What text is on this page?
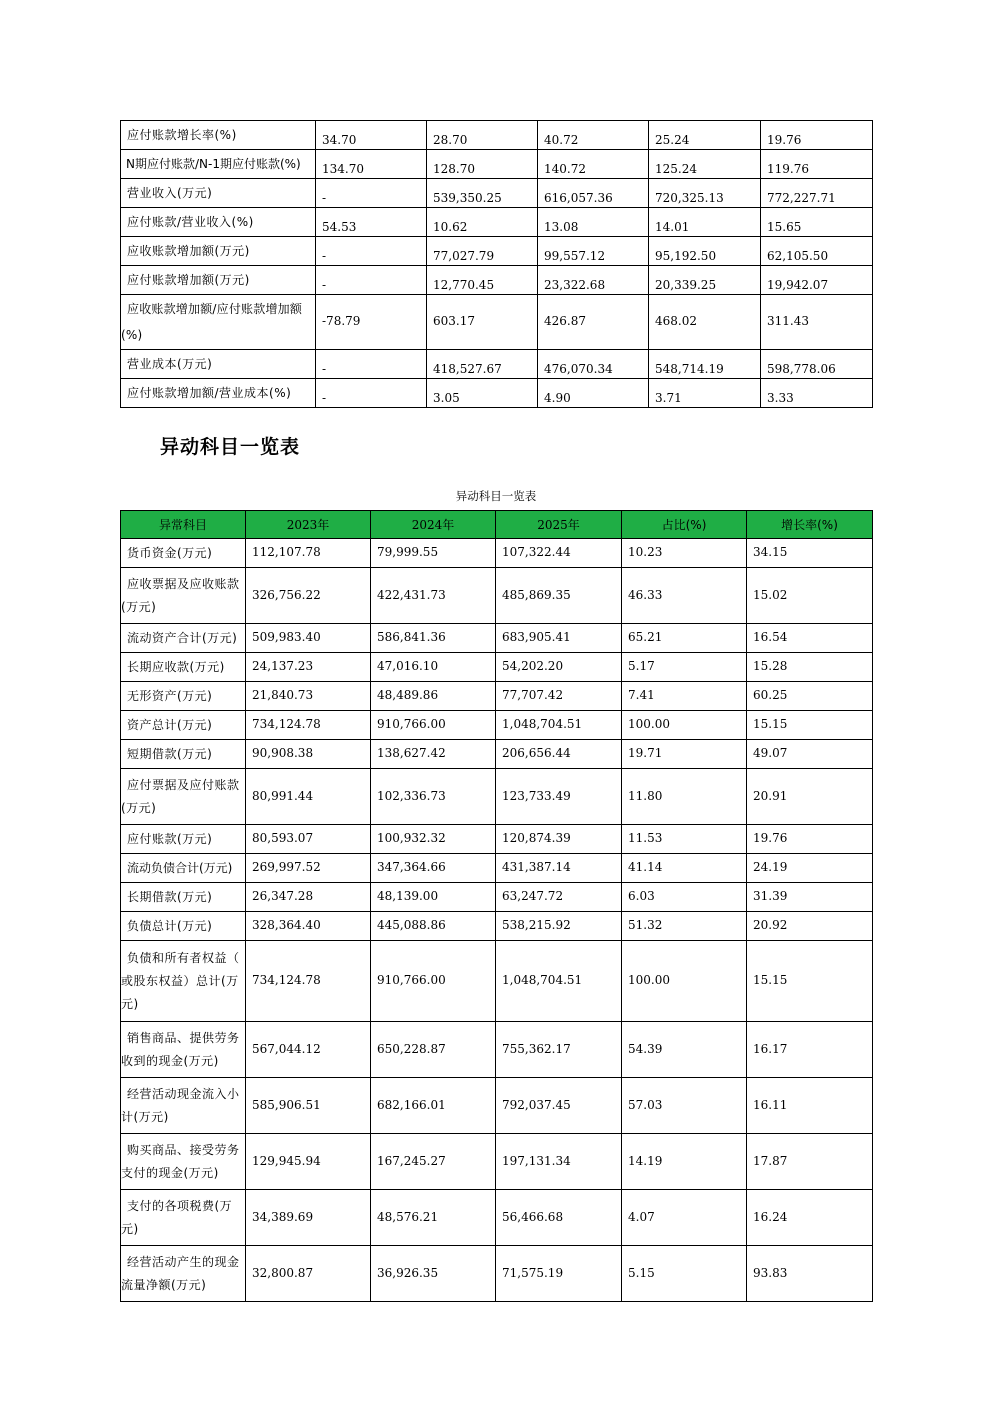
应付账款增长率(%)	34.70	28.70	40.72	25.24	19.76
N期应付账款/N-1期应付账款(%)	134.70	128.70	140.72	125.24	119.76
营业收入(万元)	-	539,350.25	616,057.36	720,325.13	772,227.71
应付账款/营业收入(%)	54.53	10.62	13.08	14.01	15.65
应收账款增加额(万元)	-	77,027.79	99,557.12	95,192.50	62,105.50
应付账款增加额(万元)	-	12,770.45	23,322.68	20,339.25	19,942.07

应收账款增加额/应付账款增加额
(%)	-78.79	603.17	426.87	468.02	311.43
营业成本(万元)	-	418,527.67	476,070.34	548,714.19	598,778.06
应付账款增加额/营业成本(%)	-	3.05	4.90	3.71	3.33
异动科目一览表
异动科目一览表
异常科目	2023年	2024年	2025年	占比(%)	增长率(%)
货币资金(万元)	112,107.78	79,999.55	107,322.44	10.23	34.15

应收票据及应收账款
(万元)	326,756.22	422,431.73	485,869.35	46.33	15.02
流动资产合计(万元)	509,983.40	586,841.36	683,905.41	65.21	16.54
长期应收款(万元)	24,137.23	47,016.10	54,202.20	5.17	15.28
无形资产(万元)	21,840.73	48,489.86	77,707.42	7.41	60.25
资产总计(万元)	734,124.78	910,766.00	1,048,704.51	100.00	15.15
短期借款(万元)	90,908.38	138,627.42	206,656.44	19.71	49.07

应付票据及应付账款
(万元)	80,991.44	102,336.73	123,733.49	11.80	20.91
应付账款(万元)	80,593.07	100,932.32	120,874.39	11.53	19.76
流动负债合计(万元)	269,997.52	347,364.66	431,387.14	41.14	24.19
长期借款(万元)	26,347.28	48,139.00	63,247.72	6.03	31.39
负债总计(万元)	328,364.40	445,088.86	538,215.92	51.32	20.92

负债和所有者权益（
或股东权益）总计(万
元)	734,124.78	910,766.00	1,048,704.51	100.00	15.15

销售商品、提供劳务
收到的现金(万元)	567,044.12	650,228.87	755,362.17	54.39	16.17

经营活动现金流入小
计(万元)	585,906.51	682,166.01	792,037.45	57.03	16.11

购买商品、接受劳务
支付的现金(万元)	129,945.94	167,245.27	197,131.34	14.19	17.87

支付的各项税费(万
元)	34,389.69	48,576.21	56,466.68	4.07	16.24

经营活动产生的现金
流量净额(万元)	32,800.87	36,926.35	71,575.19	5.15	93.83
